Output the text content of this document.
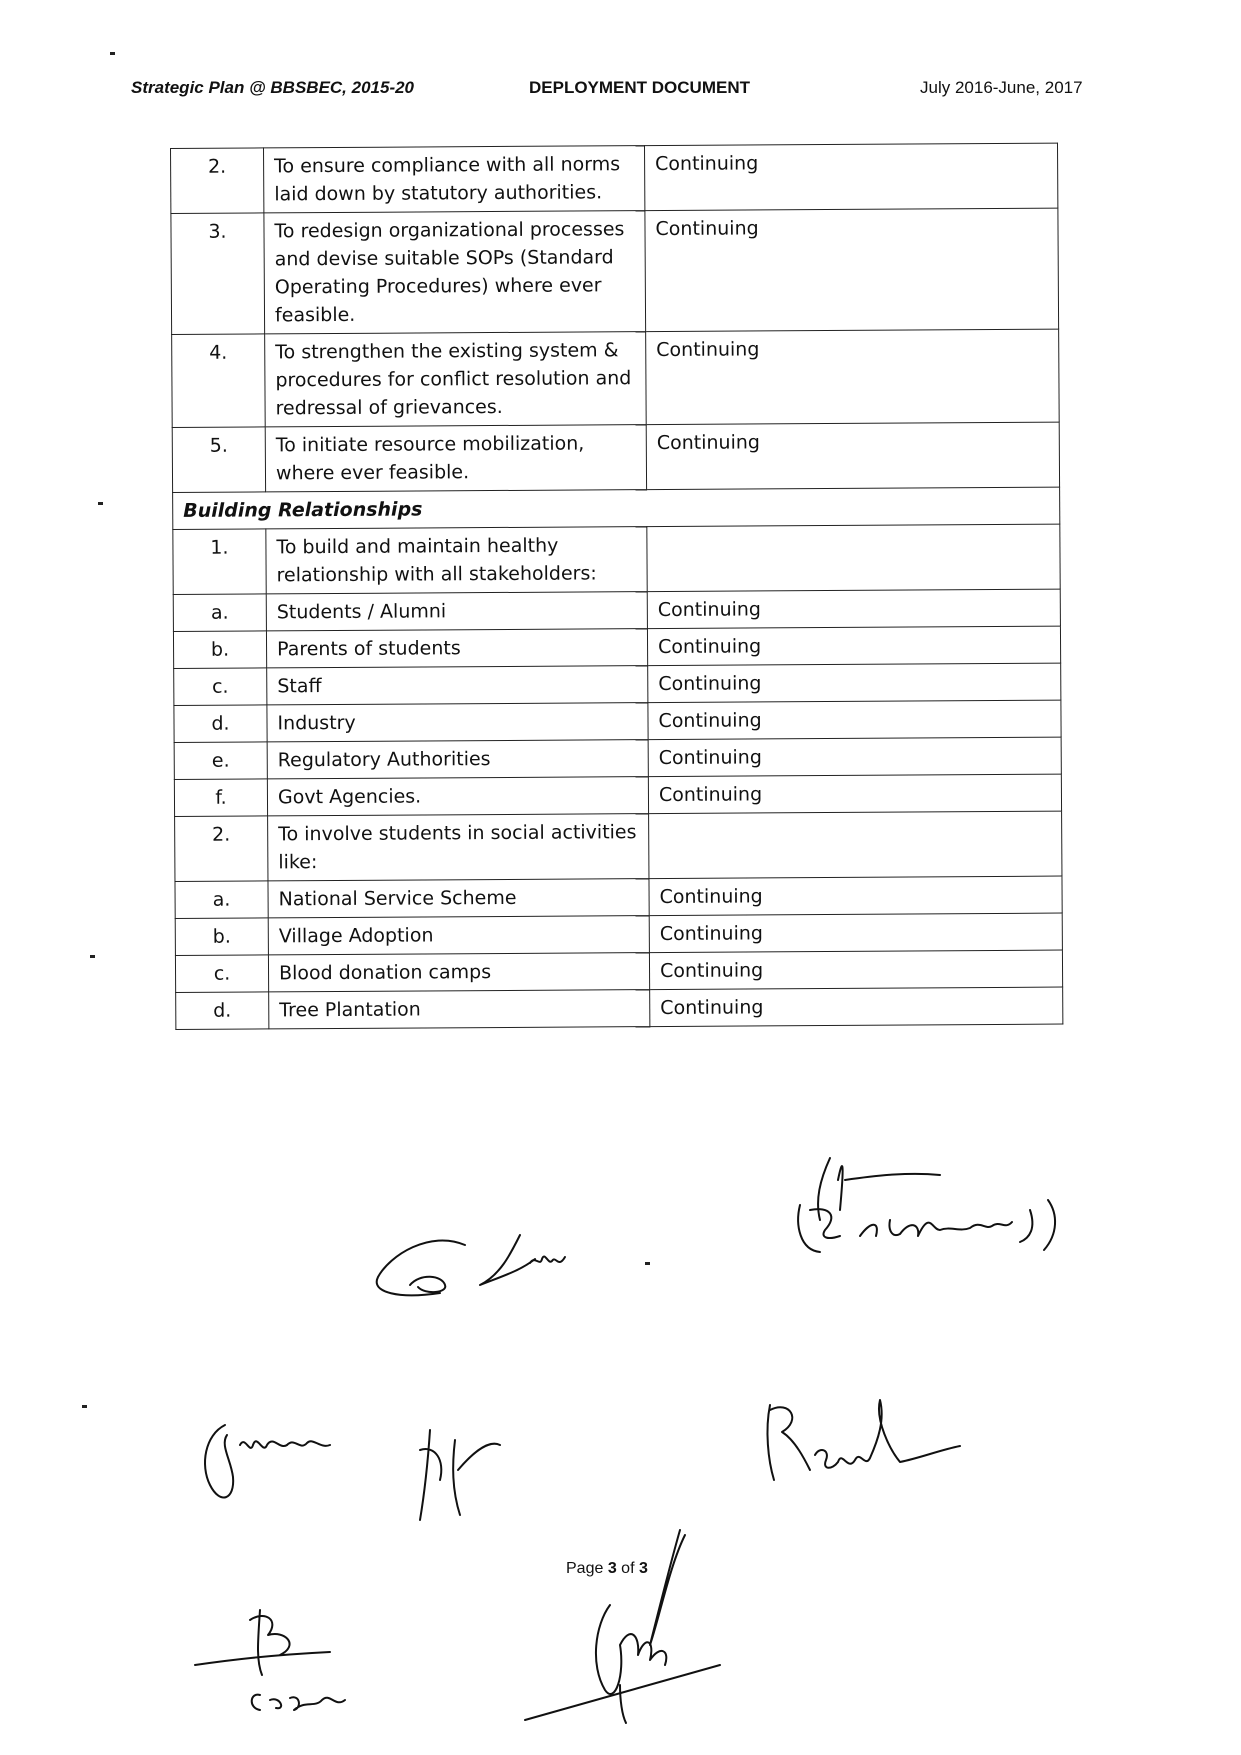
Strategic Plan @ BBSBEC, 2015-20	DEPLOYMENT DOCUMENT	July 2016-June, 2017
2.	To ensure compliance with all norms laid down by statutory authorities.	Continuing
3.	To redesign organizational processes and devise suitable SOPs (Standard Operating Procedures) where ever feasible.	Continuing
4.	To strengthen the existing system & procedures for conflict resolution and redressal of grievances.	Continuing
5.	To initiate resource mobilization, where ever feasible.	Continuing
Building Relationships		
1.	To build and maintain healthy relationship with all stakeholders:	
a.	Students / Alumni	Continuing
b.	Parents of students	Continuing
c.	Staff	Continuing
d.	Industry	Continuing
e.	Regulatory Authorities	Continuing
f.	Govt Agencies.	Continuing
2.	To involve students in social activities like:	
a.	National Service Scheme	Continuing
b.	Village Adoption	Continuing
c.	Blood donation camps	Continuing
d.	Tree Plantation	Continuing
Page 3 of 3
